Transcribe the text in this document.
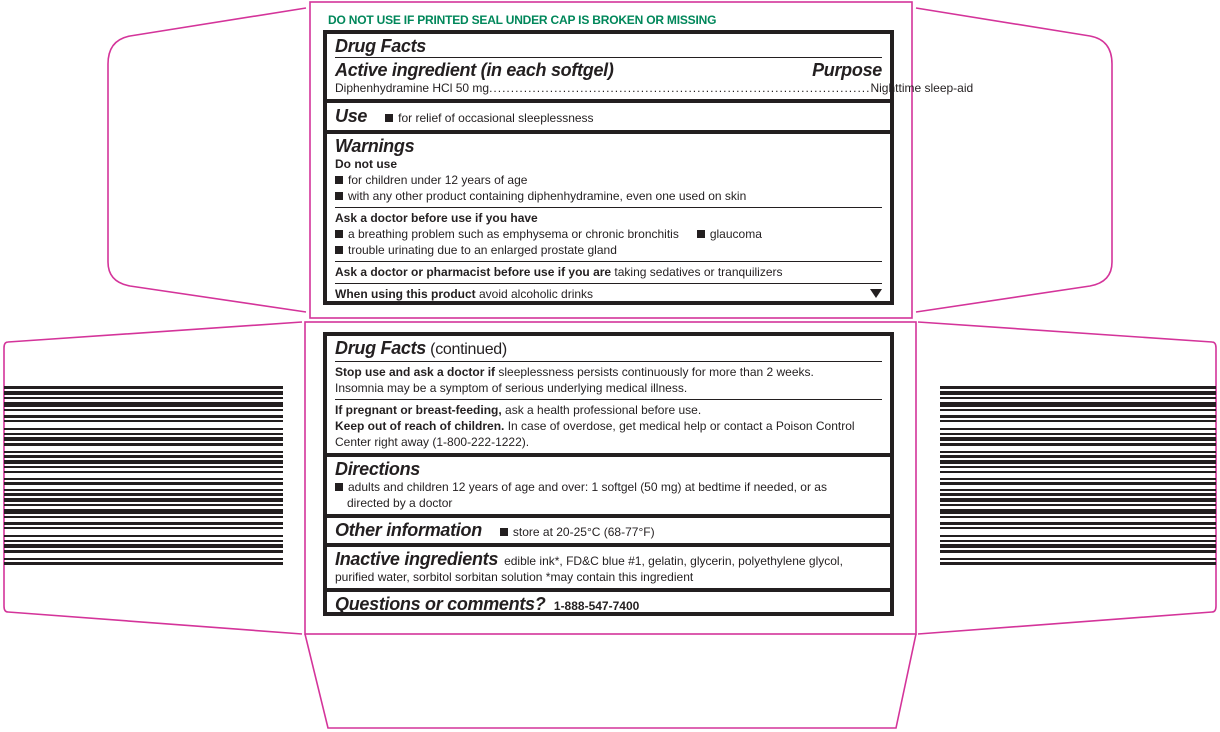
DO NOT USE IF PRINTED SEAL UNDER CAP IS BROKEN OR MISSING
Drug Facts
Active ingredient (in each softgel)	Purpose
Diphenhydramine HCl 50 mg ........................................................................................ Nighttime sleep-aid
Use	for relief of occasional sleeplessness
Warnings
Do not use
for children under 12 years of age
with any other product containing diphenhydramine, even one used on skin
Ask a doctor before use if you have
a breathing problem such as emphysema or chronic bronchitis	glaucoma
trouble urinating due to an enlarged prostate gland
Ask a doctor or pharmacist before use if you are taking sedatives or tranquilizers
When using this product avoid alcoholic drinks
Drug Facts (continued)
Stop use and ask a doctor if sleeplessness persists continuously for more than 2 weeks.
Insomnia may be a symptom of serious underlying medical illness.
If pregnant or breast-feeding, ask a health professional before use.
Keep out of reach of children. In case of overdose, get medical help or contact a Poison Control
Center right away (1-800-222-1222).
Directions
adults and children 12 years of age and over: 1 softgel (50 mg) at bedtime if needed, or as
directed by a doctor
Other information	store at 20-25°C (68-77°F)
Inactive ingredients edible ink*, FD&C blue #1, gelatin, glycerin, polyethylene glycol,
purified water, sorbitol sorbitan solution *may contain this ingredient
Questions or comments? 1-888-547-7400
